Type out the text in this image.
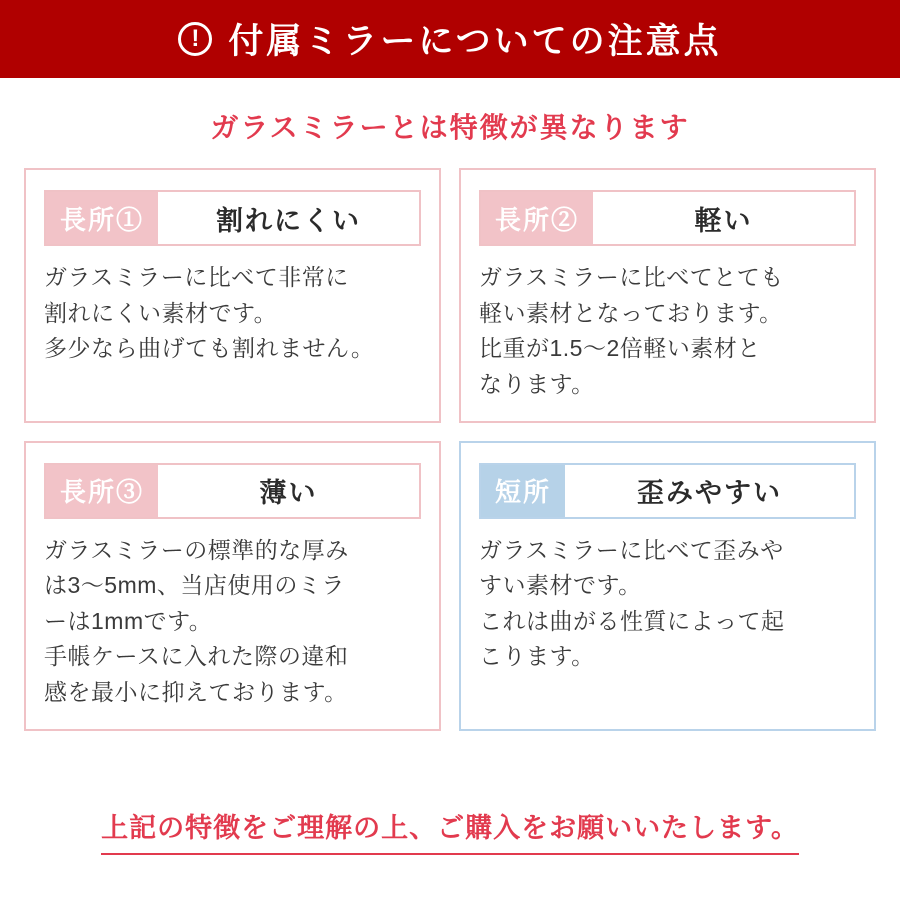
! 付属ミラーについての注意点
ガラスミラーとは特徴が異なります
長所①	割れにくい

ガラスミラーに比べて非常に

割れにくい素材です。

多少なら曲げても割れません。

長所②	軽い

ガラスミラーに比べてとても

軽い素材となっております。

比重が1.5〜2倍軽い素材と

なります。

長所③	薄い

ガラスミラーの標準的な厚み

は3〜5mm、当店使用のミラ

ーは1mmです。

手帳ケースに入れた際の違和

感を最小に抑えております。

短所	歪みやすい

ガラスミラーに比べて歪みや

すい素材です。

これは曲がる性質によって起

こります。

上記の特徴をご理解の上、ご購入をお願いいたします。
